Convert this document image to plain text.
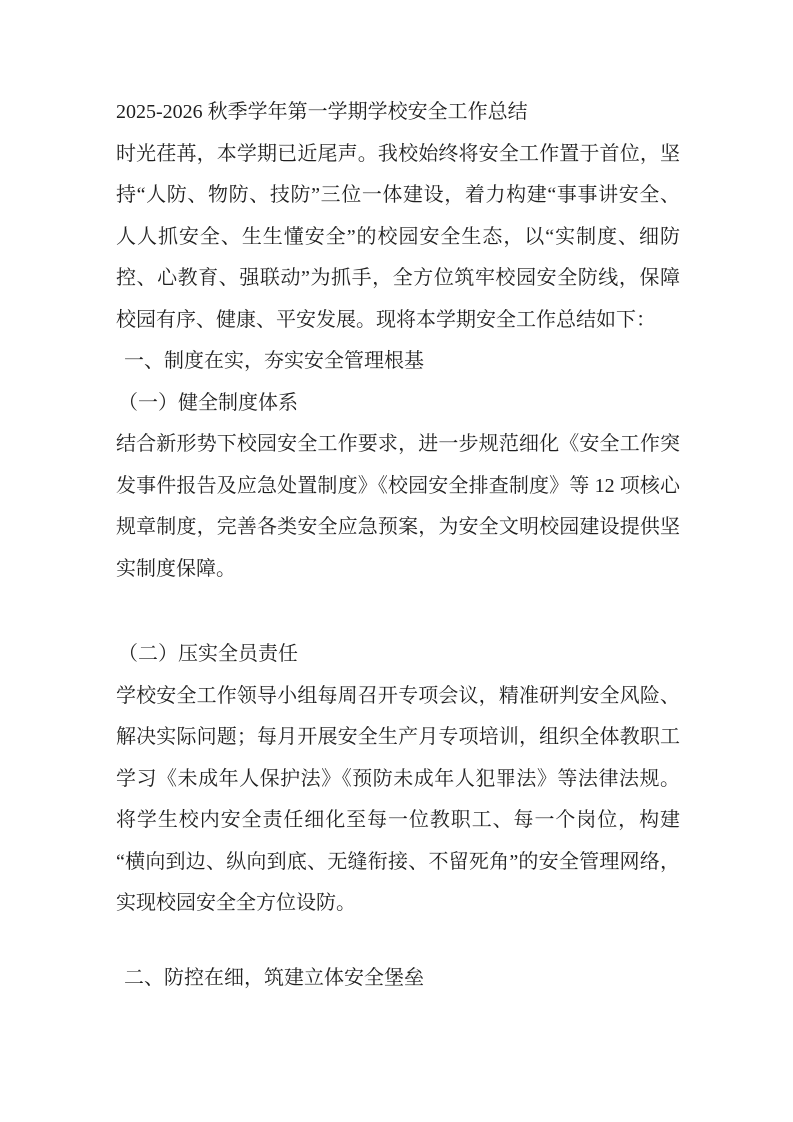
2025-2026 秋季学年第一学期学校安全工作总结

时光荏苒，本学期已近尾声。我校始终将安全工作置于首位，坚持“人防、物防、技防”三位一体建设，着力构建“事事讲安全、人人抓安全、生生懂安全”的校园安全生态，以“实制度、细防控、心教育、强联动”为抓手，全方位筑牢校园安全防线，保障校园有序、健康、平安发展。现将本学期安全工作总结如下：

一、制度在实，夯实安全管理根基
（一）健全制度体系

结合新形势下校园安全工作要求，进一步规范细化《安全工作突发事件报告及应急处置制度》《校园安全排查制度》等 12 项核心规章制度，完善各类安全应急预案，为安全文明校园建设提供坚实制度保障。

（二）压实全员责任

学校安全工作领导小组每周召开专项会议，精准研判安全风险、解决实际问题；每月开展安全生产月专项培训，组织全体教职工学习《未成年人保护法》《预防未成年人犯罪法》等法律法规。将学生校内安全责任细化至每一位教职工、每一个岗位，构建“横向到边、纵向到底、无缝衔接、不留死角”的安全管理网络，实现校园安全全方位设防。

二、防控在细，筑建立体安全堡垒
